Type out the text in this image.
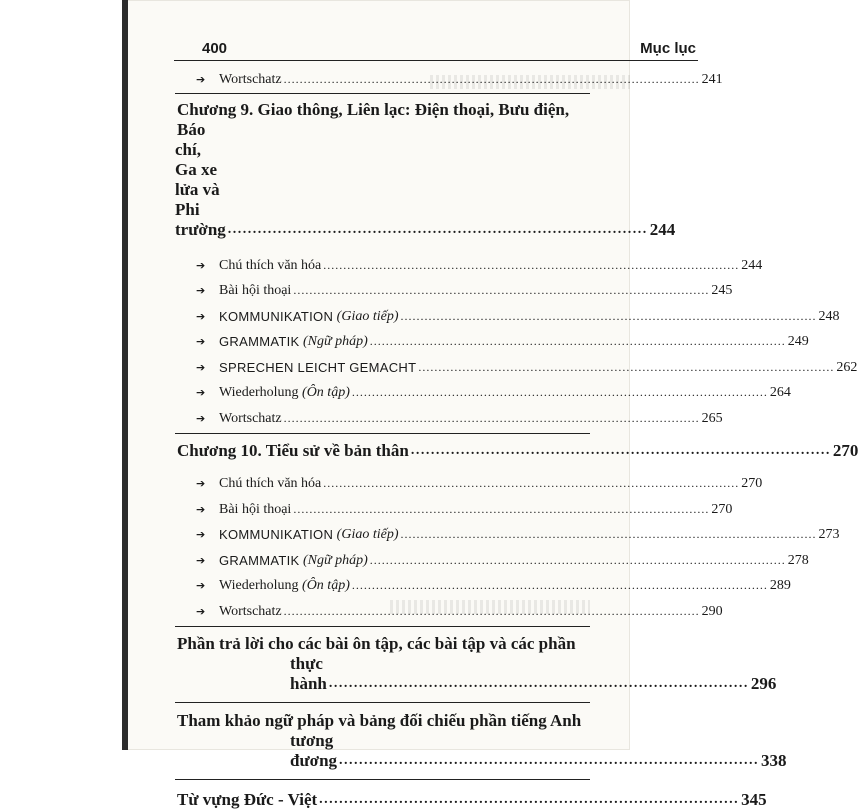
400	Mục lục
➔ Wortschatz ........................................................................................................ 241
Chương 9. Giao thông, Liên lạc: Điện thoại, Bưu điện, Báo
chí, Ga xe lửa và Phi trường .................................................................................... 244
➔ Chú thích văn hóa ........................................................................................................ 244
➔ Bài hội thoại ........................................................................................................ 245
➔	KOMMUNIKATION (Giao tiếp) ........................................................................................................ 248
➔	GRAMMATIK (Ngữ pháp) ........................................................................................................ 249
➔	SPRECHEN LEICHT GEMACHT ........................................................................................................ 262
➔ Wiederholung (Ôn tập) ........................................................................................................ 264
➔ Wortschatz ........................................................................................................ 265
Chương 10. Tiểu sử về bản thân .................................................................................... 270
➔ Chú thích văn hóa ........................................................................................................ 270
➔ Bài hội thoại ........................................................................................................ 270
➔	KOMMUNIKATION (Giao tiếp) ........................................................................................................ 273
➔	GRAMMATIK (Ngữ pháp) ........................................................................................................ 278
➔ Wiederholung (Ôn tập) ........................................................................................................ 289
➔ Wortschatz ........................................................................................................ 290
Phần trả lời cho các bài ôn tập, các bài tập và các phần
thực hành .................................................................................... 296
Tham khảo ngữ pháp và bảng đối chiếu phần tiếng Anh
tương đương .................................................................................... 338
Từ vựng Đức - Việt .................................................................................... 345
